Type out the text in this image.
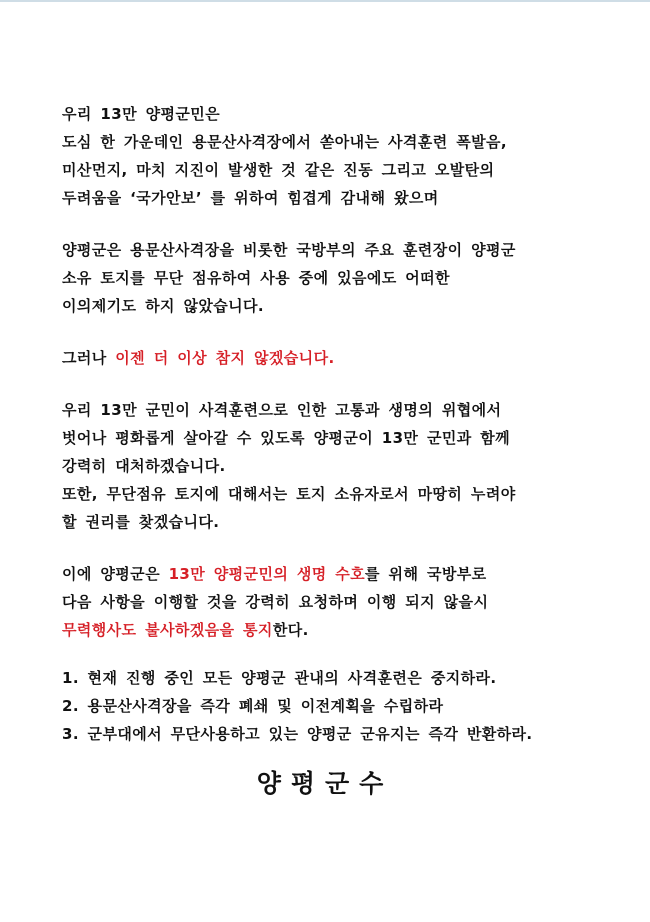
우리 13만 양평군민은
도심 한 가운데인 용문산사격장에서 쏟아내는 사격훈련 폭발음,
미산먼지, 마치 지진이 발생한 것 같은 진동 그리고 오발탄의
두려움을 ‘국가안보’ 를 위하여 힘겹게 감내해 왔으며

양평군은 용문산사격장을 비롯한 국방부의 주요 훈련장이 양평군
소유 토지를 무단 점유하여 사용 중에 있음에도 어떠한
이의제기도 하지 않았습니다.

그러나 이젠 더 이상 참지 않겠습니다.

우리 13만 군민이 사격훈련으로 인한 고통과 생명의 위협에서
벗어나 평화롭게 살아갈 수 있도록 양평군이 13만 군민과 함께
강력히 대처하겠습니다.
또한, 무단점유 토지에 대해서는 토지 소유자로서 마땅히 누려야
할 권리를 찾겠습니다.

이에 양평군은 13만 양평군민의 생명 수호를 위해 국방부로
다음 사항을 이행할 것을 강력히 요청하며 이행 되지 않을시
무력행사도 불사하겠음을 통지한다.

1. 현재 진행 중인 모든 양평군 관내의 사격훈련은 중지하라.
2. 용문산사격장을 즉각 폐쇄 및 이전계획을 수립하라
3. 군부대에서 무단사용하고 있는 양평군 군유지는 즉각 반환하라.
양평군수
